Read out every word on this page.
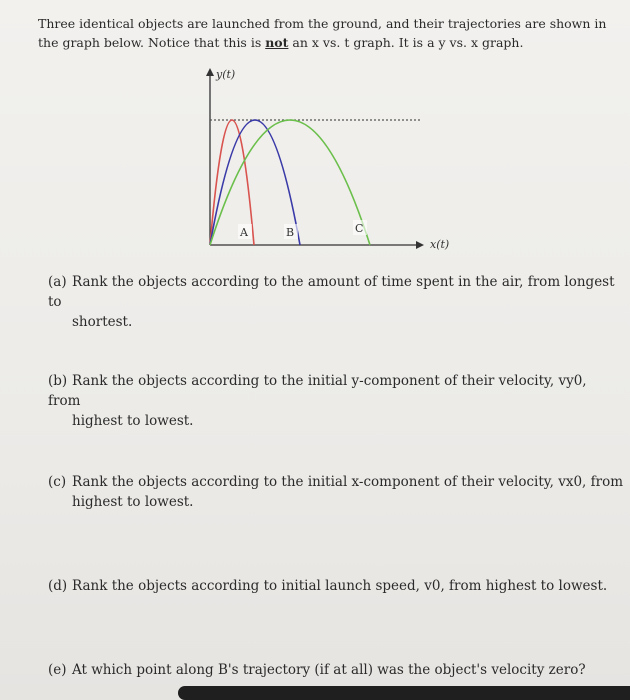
Three identical objects are launched from the ground, and their trajectories are shown in
the graph below. Notice that this is not an x vs. t graph. It is a y vs. x graph.
y(t)
x(t)
A	B	C
(a) Rank the objects according to the amount of time spent in the air, from longest to
shortest.
(b) Rank the objects according to the initial y-component of their velocity, vy0, from
highest to lowest.
(c) Rank the objects according to the initial x-component of their velocity, vx0, from
highest to lowest.
(d) Rank the objects according to initial launch speed, v0, from highest to lowest.
(e) At which point along B's trajectory (if at all) was the object's velocity zero?
